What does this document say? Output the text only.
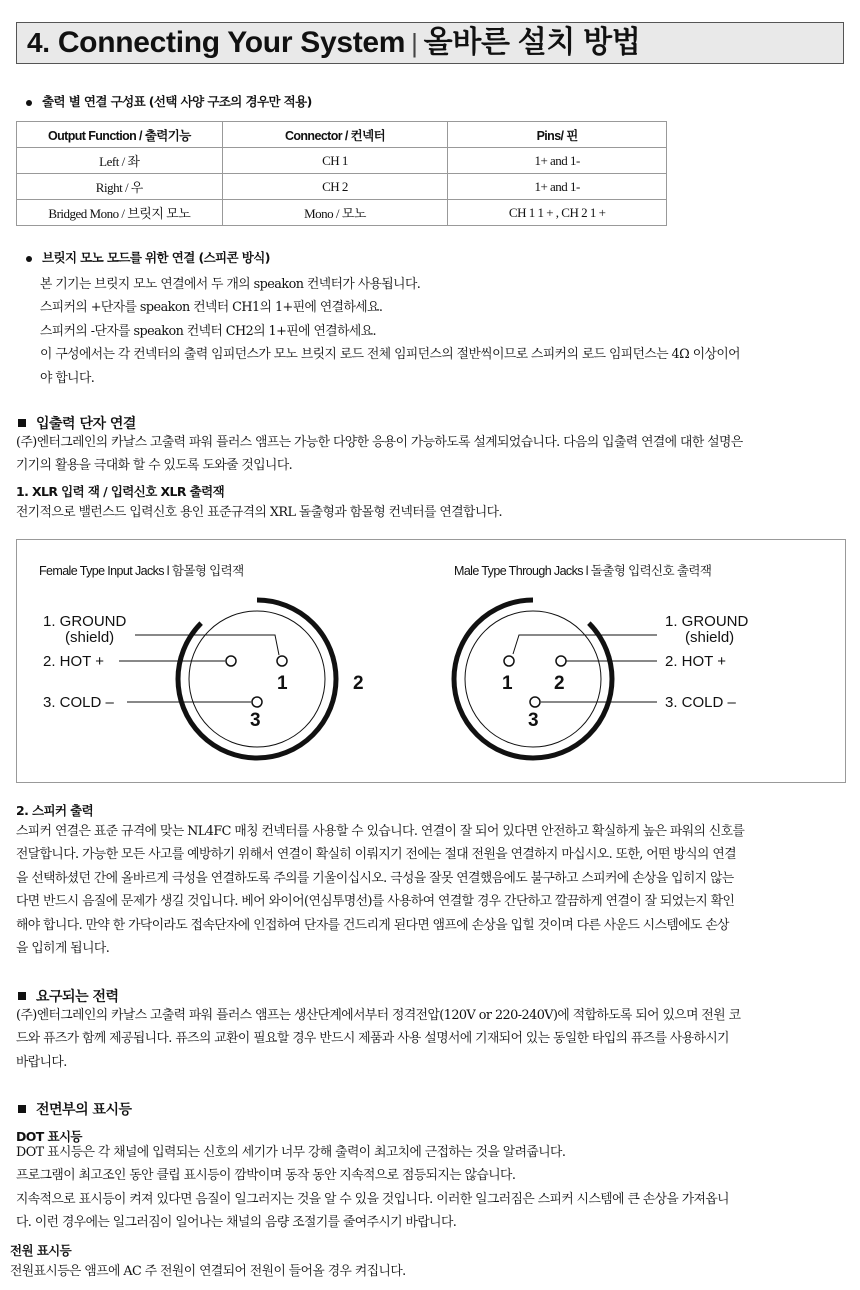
4. Connecting Your System | 올바른 설치 방법
출력 별 연결 구성표 (선택 사양 구조의 경우만 적용)
Output Function / 출력기능	Connector / 컨넥터	Pins/ 핀
Left / 좌	CH 1	1+ and 1-
Right / 우	CH 2	1+ and 1-
Bridged Mono / 브릿지 모노	Mono / 모노	CH 1 1 + , CH 2 1 +
브릿지 모노 모드를 위한 연결 (스피콘 방식)
본 기기는 브릿지 모노 연결에서 두 개의 speakon 컨넥터가 사용됩니다.
스피커의 +단자를 speakon 컨넥터 CH1의 1+핀에 연결하세요.
스피커의 -단자를 speakon 컨넥터 CH2의 1+핀에 연결하세요.
이 구성에서는 각 컨넥터의 출력 임피던스가 모노 브릿지 로드 전체 임피던스의 절반씩이므로 스피커의 로드 임피던스는 4Ω 이상이어
야 합니다.
입출력 단자 연결
(주)엔터그레인의 카날스 고출력 파워 플러스 앰프는 가능한 다양한 응용이 가능하도록 설계되었습니다. 다음의 입출력 연결에 대한 설명은
기기의 활용을 극대화 할 수 있도록 도와줄 것입니다.
1. XLR 입력 잭 / 입력신호 XLR 출력잭
전기적으로 밸런스드 입력신호 용인 표준규격의 XRL 돌출형과 함몰형 컨넥터를 연결합니다.
Female Type Input Jacks l 함몰형 입력잭	Male Type Through Jacks l 돌출형 입력신호 출력잭
1. GROUND
(shield)
2. HOT +
3. COLD –
1	2
3
1. GROUND
(shield)
2. HOT +
3. COLD –
1 2
3
2. 스피커 출력
스피커 연결은 표준 규격에 맞는 NL4FC 매칭 컨넥터를 사용할 수 있습니다. 연결이 잘 되어 있다면 안전하고 확실하게 높은 파워의 신호를
전달합니다. 가능한 모든 사고를 예방하기 위해서 연결이 확실히 이뤄지기 전에는 절대 전원을 연결하지 마십시오. 또한, 어떤 방식의 연결
을 선택하셨던 간에 올바르게 극성을 연결하도록 주의를 기울이십시오. 극성을 잘못 연결했음에도 불구하고 스피커에 손상을 입히지 않는
다면 반드시 음질에 문제가 생길 것입니다. 베어 와이어(연심투명선)를 사용하여 연결할 경우 간단하고 깔끔하게 연결이 잘 되었는지 확인
해야 합니다. 만약 한 가닥이라도 접속단자에 인접하여 단자를 건드리게 된다면 앰프에 손상을 입힐 것이며 다른 사운드 시스템에도 손상
을 입히게 됩니다.
요구되는 전력
(주)엔터그레인의 카날스 고출력 파워 플러스 앰프는 생산단계에서부터 정격전압(120V or 220-240V)에 적합하도록 되어 있으며 전원 코
드와 퓨즈가 함께 제공됩니다. 퓨즈의 교환이 필요할 경우 반드시 제품과 사용 설명서에 기재되어 있는 동일한 타입의 퓨즈를 사용하시기
바랍니다.
전면부의 표시등
DOT 표시등
DOT 표시등은 각 채널에 입력되는 신호의 세기가 너무 강해 출력이 최고치에 근접하는 것을 알려줍니다.
프로그램이 최고조인 동안 클립 표시등이 깜박이며 동작 동안 지속적으로 점등되지는 않습니다.
지속적으로 표시등이 켜져 있다면 음질이 일그러지는 것을 알 수 있을 것입니다. 이러한 일그러짐은 스피커 시스템에 큰 손상을 가져옵니
다. 이런 경우에는 일그러짐이 일어나는 채널의 음량 조절기를 줄여주시기 바랍니다.
전원 표시등
전원표시등은 앰프에 AC 주 전원이 연결되어 전원이 들어올 경우 켜집니다.
